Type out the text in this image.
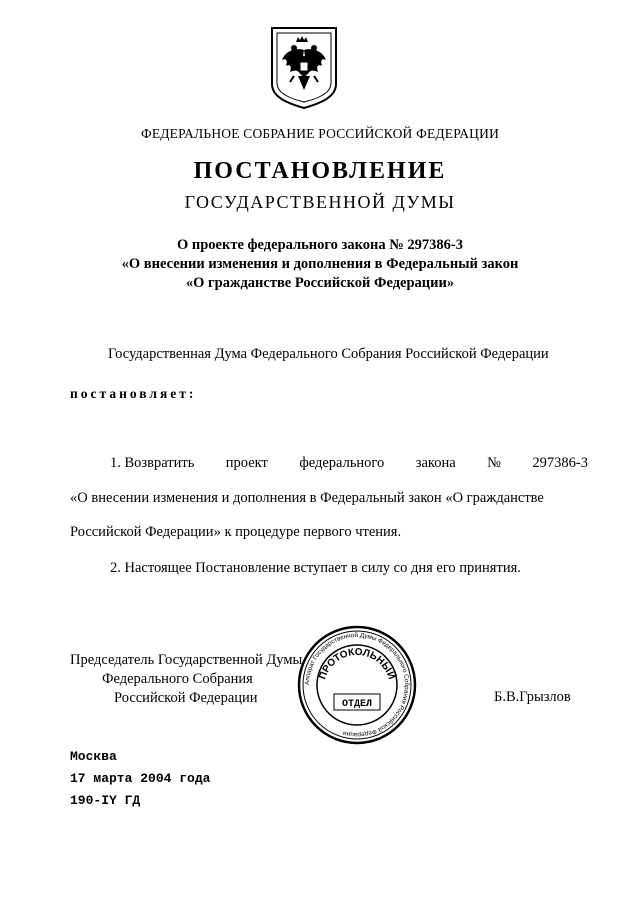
ФЕДЕРАЛЬНОЕ СОБРАНИЕ РОССИЙСКОЙ ФЕДЕРАЦИИ
ПОСТАНОВЛЕНИЕ
ГОСУДАРСТВЕННОЙ ДУМЫ
О проекте федерального закона № 297386-3
«О внесении изменения и дополнения в Федеральный закон
«О гражданстве Российской Федерации»
Государственная Дума Федерального Собрания Российской Федерации
постановляет:
1. Возвратить проект федерального закона № 297386-3
«О внесении изменения и дополнения в Федеральный закон «О гражданстве
Российской Федерации» к процедуре первого чтения.
2. Настоящее Постановление вступает в силу со дня его принятия.
Председатель Государственной Думы
Федерального Собрания
Российской Федерации
Аппарат Государственной Думы Федерального Собрания Российской Федерации
ПРОТОКОЛЬНЫЙ
ОТДЕЛ	Б.В.Грызлов
Москва
17 марта 2004 года
190-IY ГД
